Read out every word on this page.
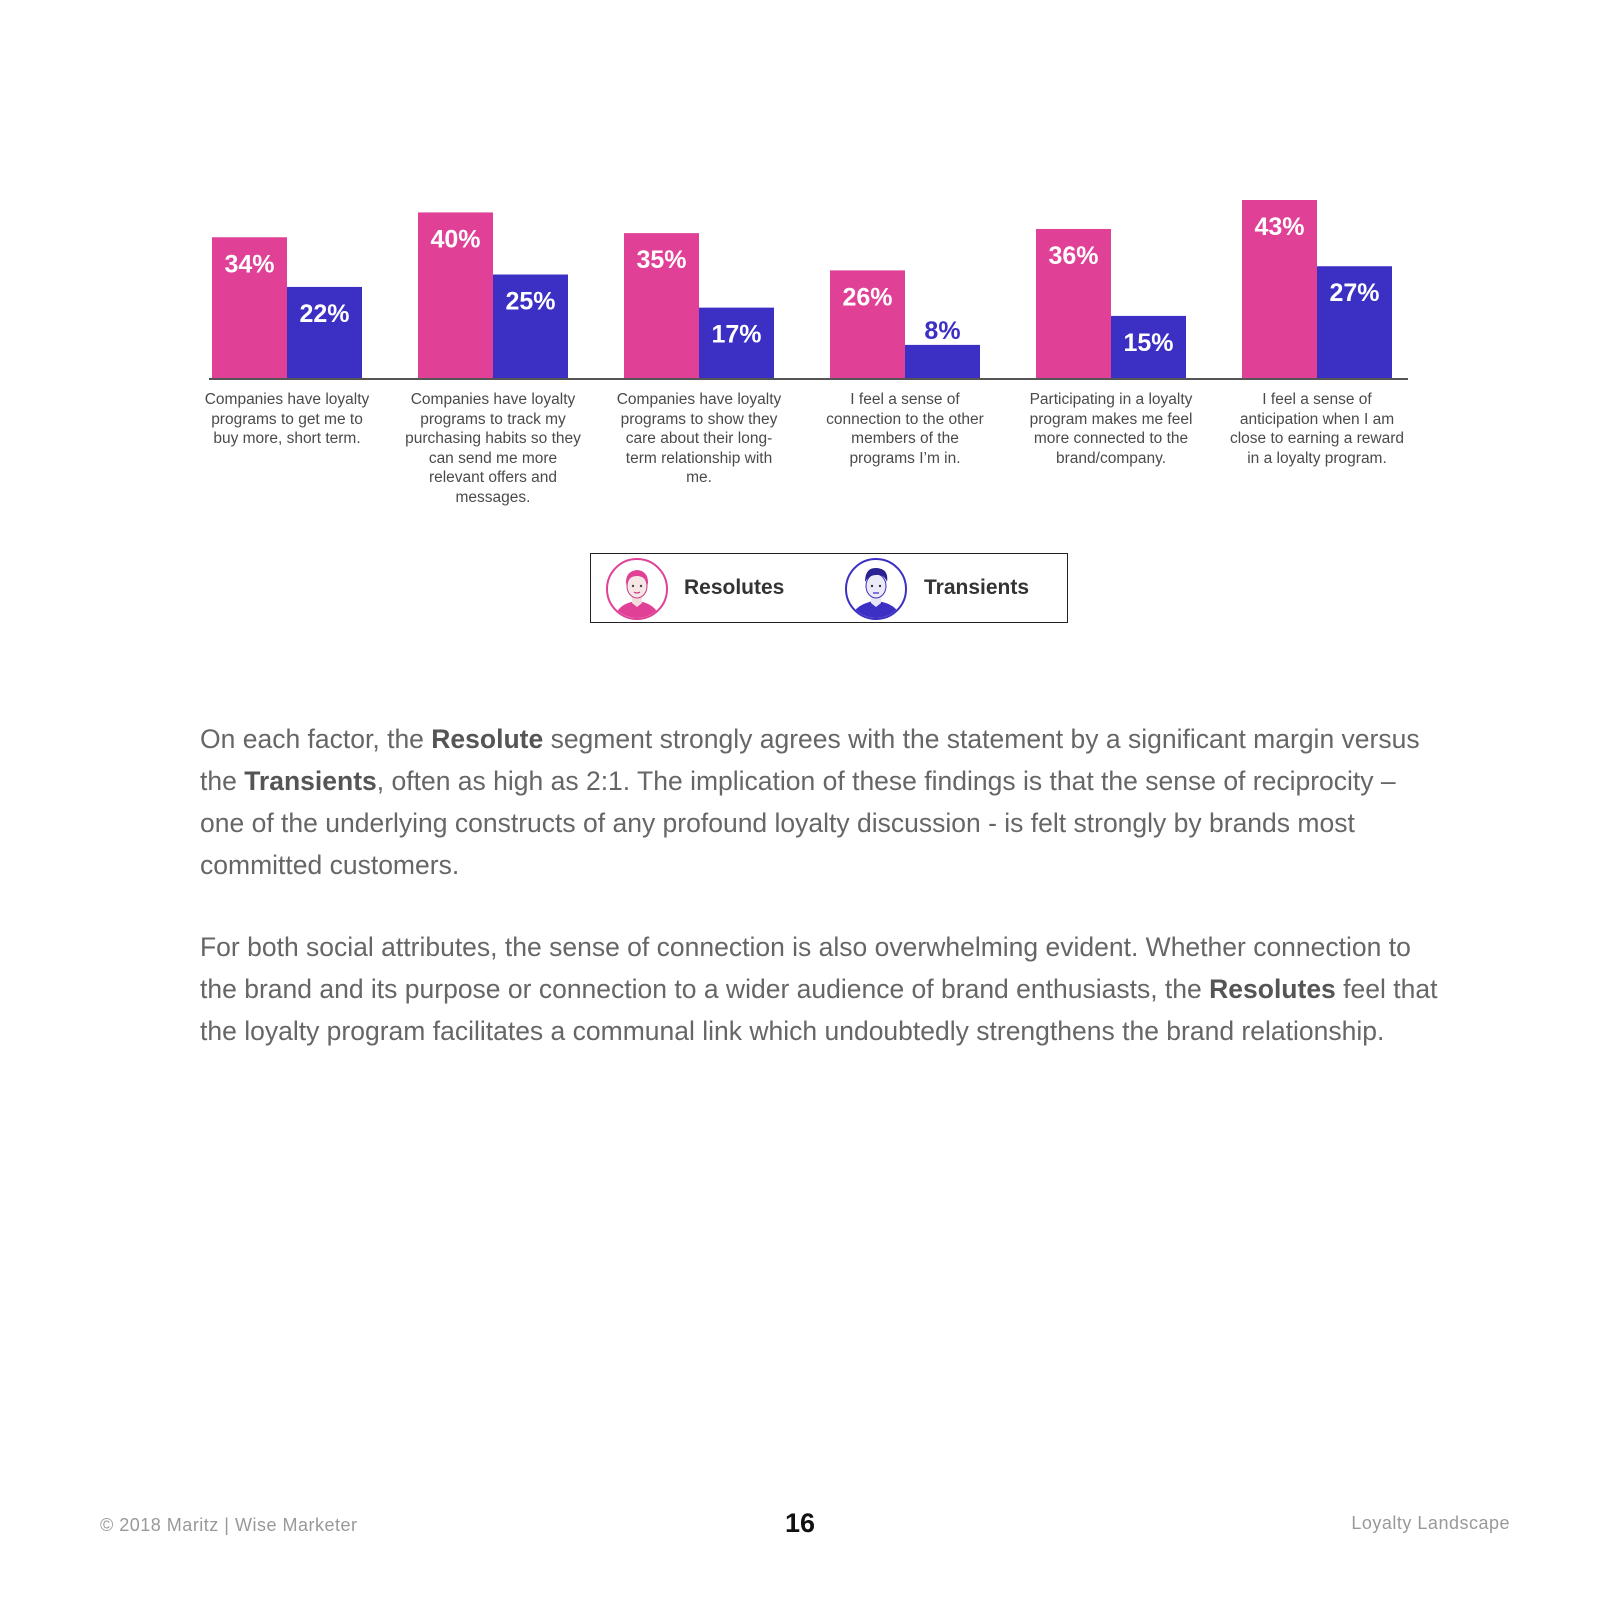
34%
22%
40%
25%
35%
17%
26%
8%
36%
15%
43%
27%
Companies have loyalty programs to get me to buy more, short term.
Companies have loyalty programs to track my purchasing habits so they can send me more relevant offers and messages.
Companies have loyalty programs to show they care about their long-term relationship with me.
I feel a sense of connection to the other members of the programs I’m in.
Participating in a loyalty program makes me feel more connected to the brand/company.
I feel a sense of anticipation when I am close to earning a reward in a loyalty program.
Resolutes	Transients
On each factor, the Resolute segment strongly agrees with the statement by a significant margin versus the Transients, often as high as 2:1. The implication of these findings is that the sense of reciprocity – one of the underlying constructs of any profound loyalty discussion - is felt strongly by brands most committed customers.
For both social attributes, the sense of connection is also overwhelming evident. Whether connection to the brand and its purpose or connection to a wider audience of brand enthusiasts, the Resolutes feel that the loyalty program facilitates a communal link which undoubtedly strengthens the brand relationship.
© 2018 Maritz | Wise Marketer	16	Loyalty Landscape
